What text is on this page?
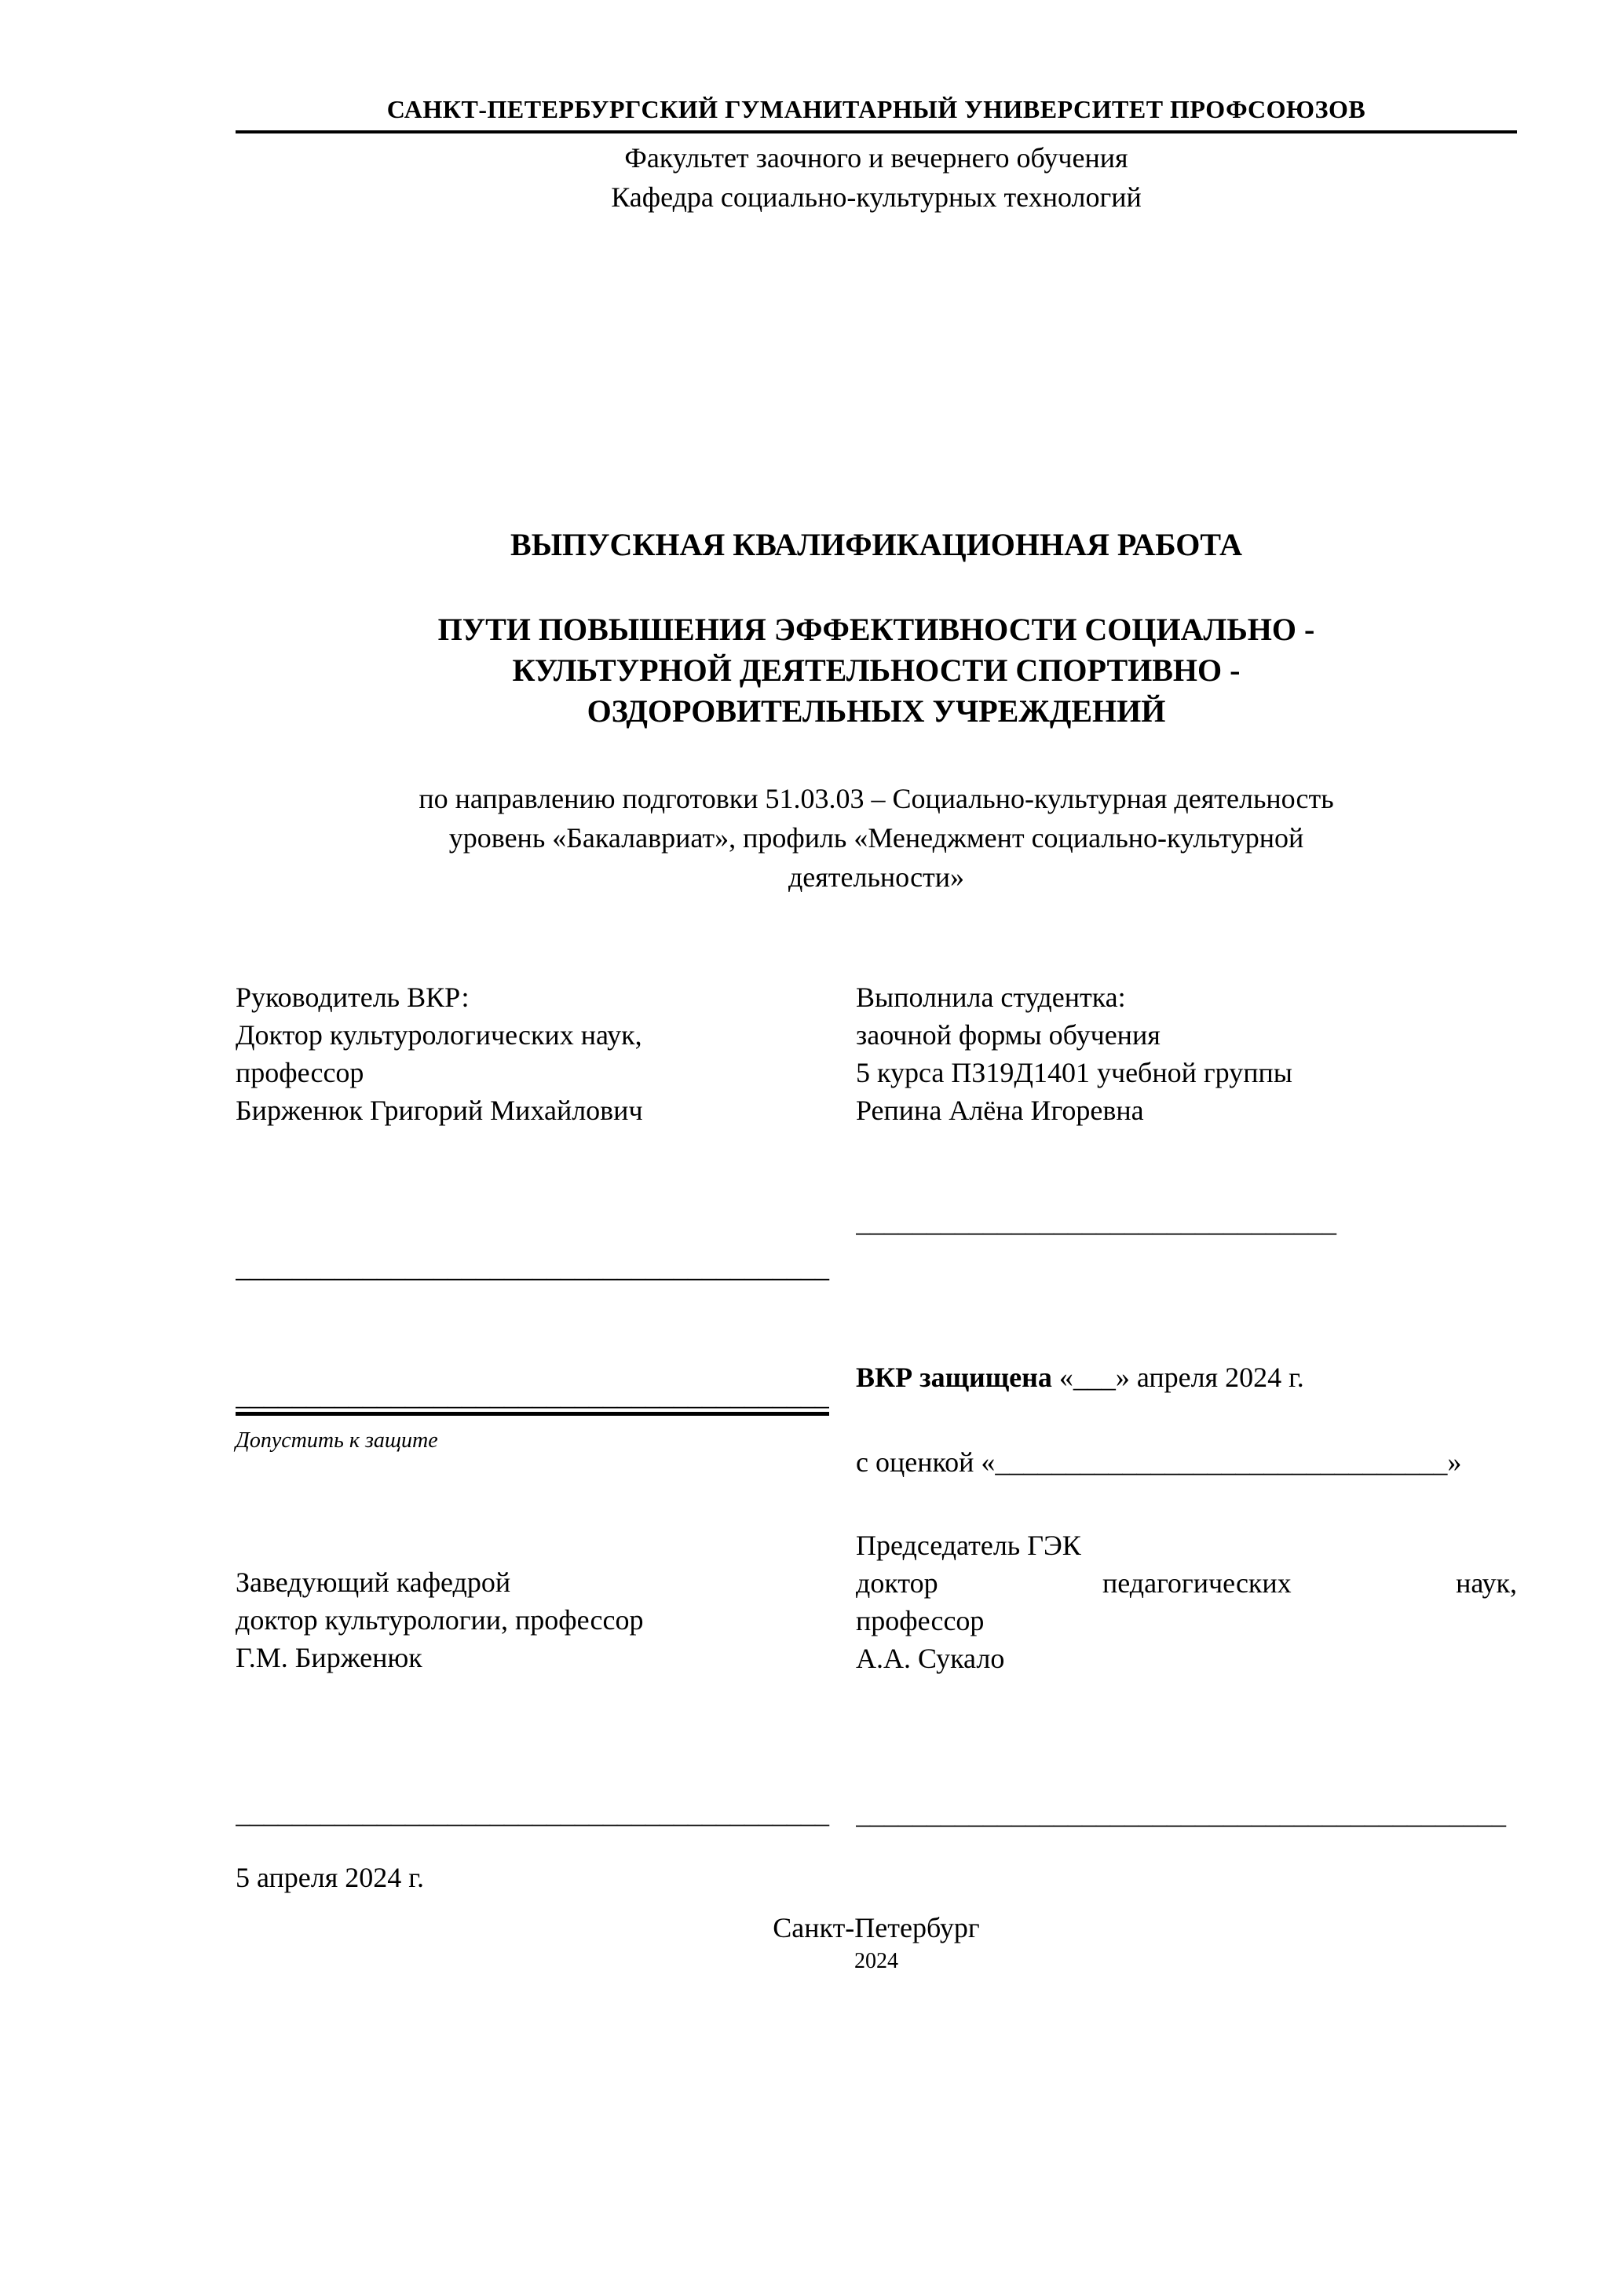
САНКТ-ПЕТЕРБУРГСКИЙ ГУМАНИТАРНЫЙ УНИВЕРСИТЕТ ПРОФСОЮЗОВ
Факультет заочного и вечернего обучения
Кафедра социально-культурных технологий
ВЫПУСКНАЯ КВАЛИФИКАЦИОННАЯ РАБОТА
ПУТИ ПОВЫШЕНИЯ ЭФФЕКТИВНОСТИ СОЦИАЛЬНО -
КУЛЬТУРНОЙ ДЕЯТЕЛЬНОСТИ СПОРТИВНО -
ОЗДОРОВИТЕЛЬНЫХ УЧРЕЖДЕНИЙ
по направлению подготовки 51.03.03 – Социально-культурная деятельность
уровень «Бакалавриат», профиль «Менеджмент социально-культурной
деятельности»
Руководитель ВКР:
Доктор культурологических наук,
профессор
Бирженюк Григорий Михайлович
__________________________________________
__________________________________________
Допустить к защите
Заведующий кафедрой
доктор культурологии, профессор
Г.М. Бирженюк
__________________________________________
5 апреля 2024 г.
Выполнила студентка:
заочной формы обучения
5 курса ПЗ19Д1401 учебной группы
Репина Алёна Игоревна
__________________________________
ВКР защищена «___» апреля 2024 г.
с оценкой «________________________________»
Председатель ГЭК
доктор	педагогических	наук,
профессор
А.А. Сукало
______________________________________________
Санкт-Петербург
2024
